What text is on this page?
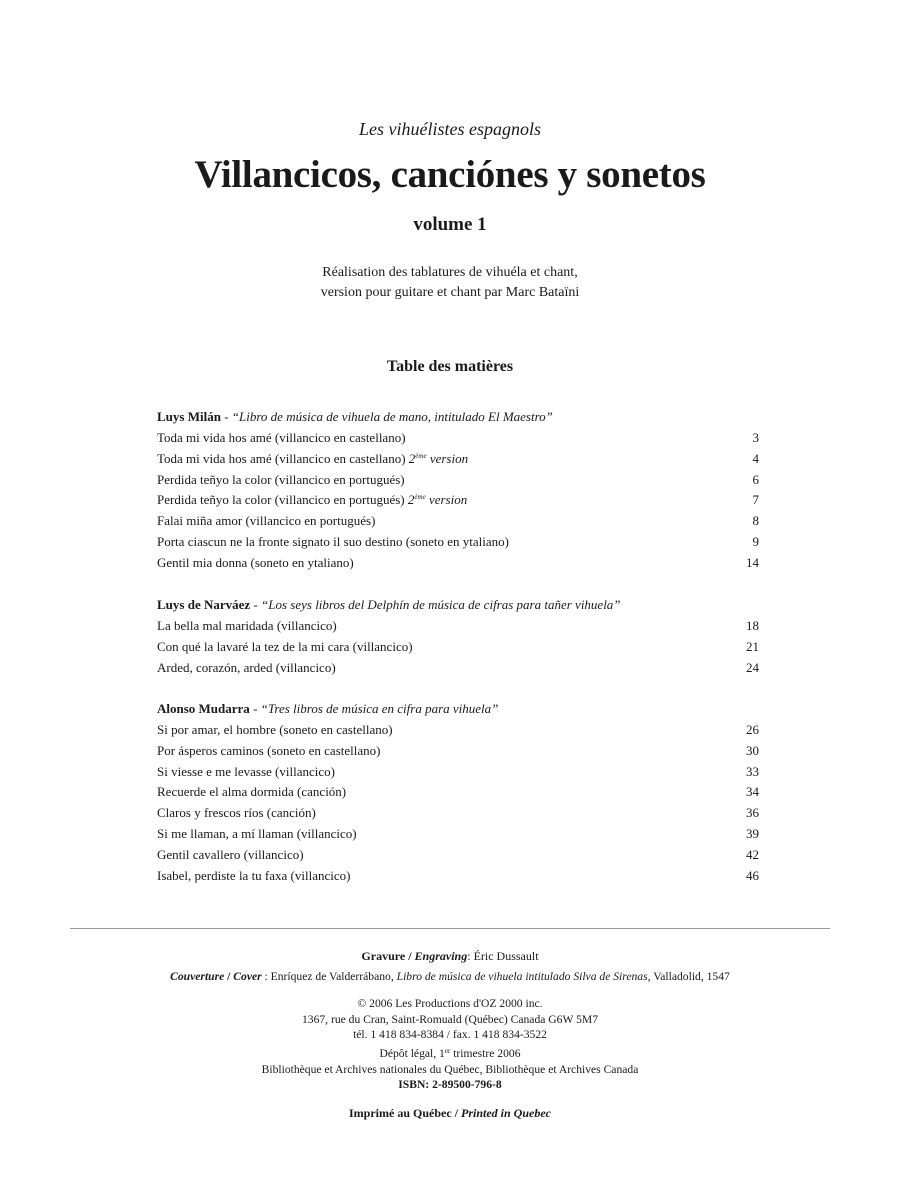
Les vihuélistes espagnols
Villancicos, canciónes y sonetos
volume 1
Réalisation des tablatures de vihuéla et chant,
version pour guitare et chant par Marc Bataïni
Table des matières
Luys Milán - “Libro de música de vihuela de mano, intitulado El Maestro”
Toda mi vida hos amé (villancico en castellano)	3
Toda mi vida hos amé (villancico en castellano) 2ème version	4
Perdida teñyo la color (villancico en portugués)	6
Perdida teñyo la color (villancico en portugués) 2ème version	7
Falai miña amor (villancico en portugués)	8
Porta ciascun ne la fronte signato il suo destino (soneto en ytaliano)	9
Gentil mia donna (soneto en ytaliano)	14
Luys de Narváez - “Los seys libros del Delphín de música de cifras para tañer vihuela”
La bella mal maridada (villancico)	18
Con qué la lavaré la tez de la mi cara (villancico)	21
Arded, corazón, arded (villancico)	24
Alonso Mudarra - “Tres libros de música en cifra para vihuela”
Si por amar, el hombre (soneto en castellano)	26
Por ásperos caminos (soneto en castellano)	30
Si viesse e me levasse (villancico)	33
Recuerde el alma dormida (canción)	34
Claros y frescos ríos (canción)	36
Si me llaman, a mí llaman (villancico)	39
Gentil cavallero (villancico)	42
Isabel, perdiste la tu faxa (villancico)	46
Gravure / Engraving: Éric Dussault
Couverture / Cover : Enríquez de Valderrábano, Libro de música de vihuela intitulado Silva de Sirenas, Valladolid, 1547
© 2006 Les Productions d'OZ 2000 inc.
1367, rue du Cran, Saint-Romuald (Québec) Canada G6W 5M7
tél. 1 418 834-8384 / fax. 1 418 834-3522
Dépôt légal, 1er trimestre 2006
Bibliothèque et Archives nationales du Québec, Bibliothèque et Archives Canada
ISBN: 2-89500-796-8
Imprimé au Québec / Printed in Quebec
